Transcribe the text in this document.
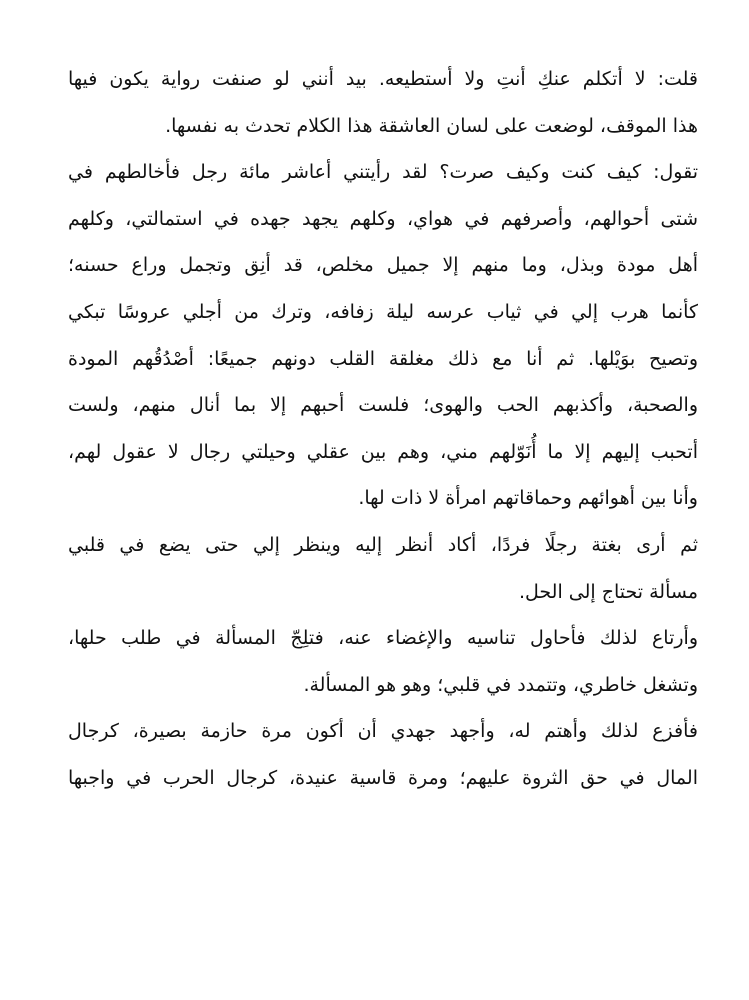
قلت: لا أتكلم عنكِ أنتِ ولا أستطيعه. بيد أنني لو صنفت رواية يكون فيها
هذا الموقف، لوضعت على لسان العاشقة هذا الكلام تحدث به نفسها.
تقول: كيف كنت وكيف صرت؟ لقد رأيتني أعاشر مائة رجل فأخالطهم في
شتى أحوالهم، وأصرفهم في هواي، وكلهم يجهد جهده في استمالتي، وكلهم
أهل مودة وبذل، وما منهم إلا جميل مخلص، قد أنِق وتجمل وراع حسنه؛
كأنما هرب إلي في ثياب عرسه ليلة زفافه، وترك من أجلي عروسًا تبكي
وتصيح بوَيْلها. ثم أنا مع ذلك مغلقة القلب دونهم جميعًا: أصْدُقُهم المودة
والصحبة، وأكذبهم الحب والهوى؛ فلست أحبهم إلا بما أنال منهم، ولست
أتحبب إليهم إلا ما أُنَوّلهم مني، وهم بين عقلي وحيلتي رجال لا عقول لهم،
وأنا بين أهوائهم وحماقاتهم امرأة لا ذات لها.
ثم أرى بغتة رجلًا فردًا، أكاد أنظر إليه وينظر إلي حتى يضع في قلبي
مسألة تحتاج إلى الحل.
وأرتاع لذلك فأحاول تناسيه والإغضاء عنه، فتلِجّ المسألة في طلب حلها،
وتشغل خاطري، وتتمدد في قلبي؛ وهو هو المسألة.
فأفزع لذلك وأهتم له، وأجهد جهدي أن أكون مرة حازمة بصيرة، كرجال
المال في حق الثروة عليهم؛ ومرة قاسية عنيدة، كرجال الحرب في واجبها
